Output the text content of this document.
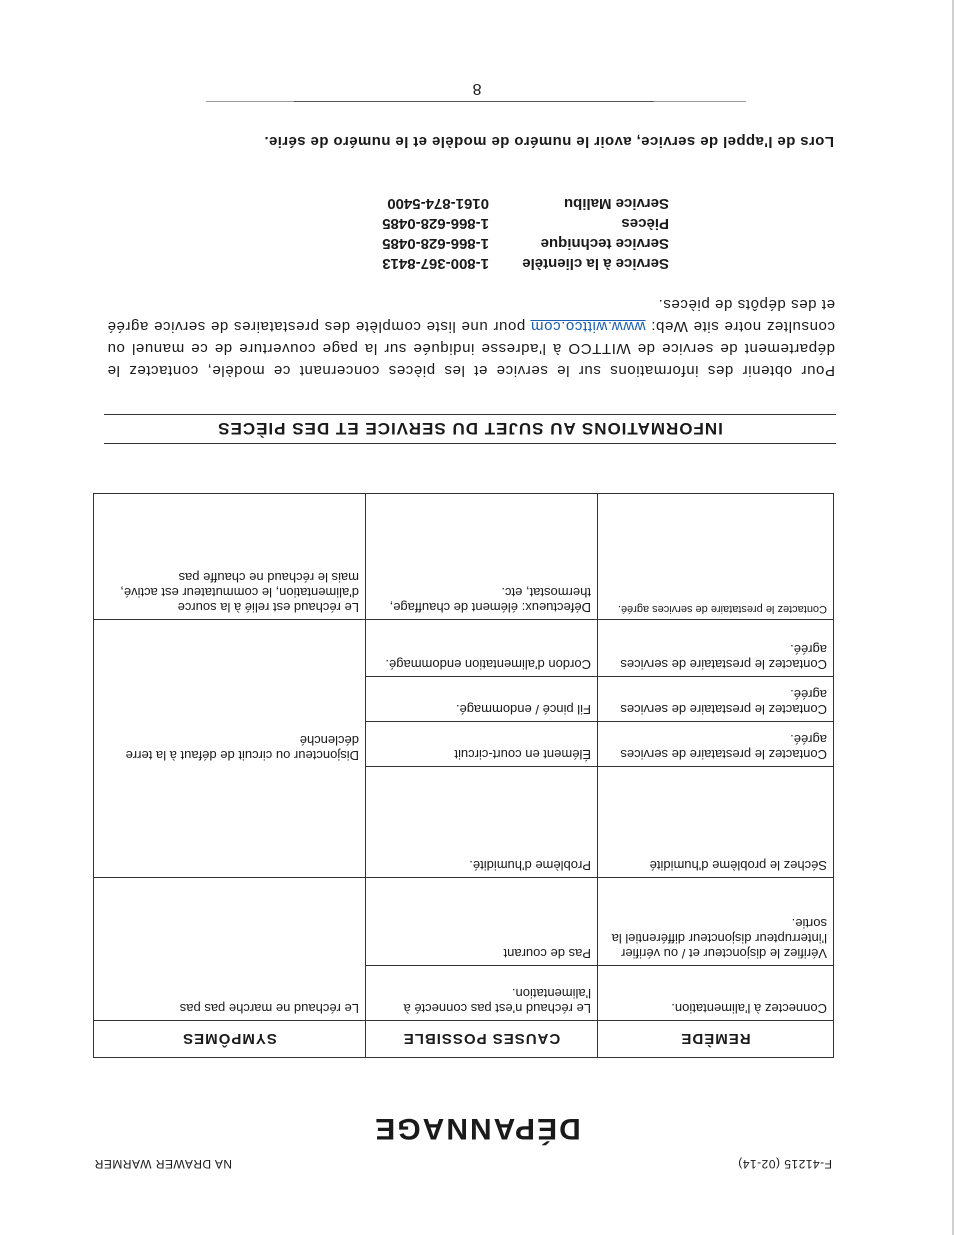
F-41215 (02-14)
NA DRAWER WARMER
DÉPANNAGE
REMÈDE	CAUSES POSSIBLE	SYMPÔMES
Connectez à l'alimentation.	Le réchaud n'est pas connecté à l'alimentation.	Le réchaud ne marche pas pas
Vérifiez le disjoncteur et / ou vérifier l'interrupteur disjoncteur différentiel la sortie.	Pas de courant	
Séchez le problème d'humidité	Problème d'humidité.	Disjoncteur ou circuit de défaut à la terre déclenché
Contactez le prestataire de services agréé.	Élément en court-circuit	
Contactez le prestataire de services agréé.	Fil pincé / endommagé.	
Contactez le prestataire de services agréé.	Cordon d'alimentation endommagé.	
Contactez le prestataire de services agréé.	Défectueux: élément de chauffage, thermostat, etc.	Le réchaud est relié à la source d'alimentation, le commutateur est activé, mais le réchaud ne chauffe pas
INFORMATIONS AU SUJET DU SERVICE ET DES PIÈCES
Pour obtenir des informations sur le service et les pièces concernant ce modèle, contactez le département de service de WITTCO à l'adresse indiquée sur la page couverture de ce manuel ou consultez notre site Web: www.wittco.com pour une liste complète des prestataires de service agréé et des dépôts de pièces.
Service à la clientèle
1-800-367-8413
Service technique
1-866-628-0485
Pièces
1-866-628-0485
Service Malibu
0161-874-5400
Lors de l'appel de service, avoir le numéro de modèle et le numéro de série.
8
